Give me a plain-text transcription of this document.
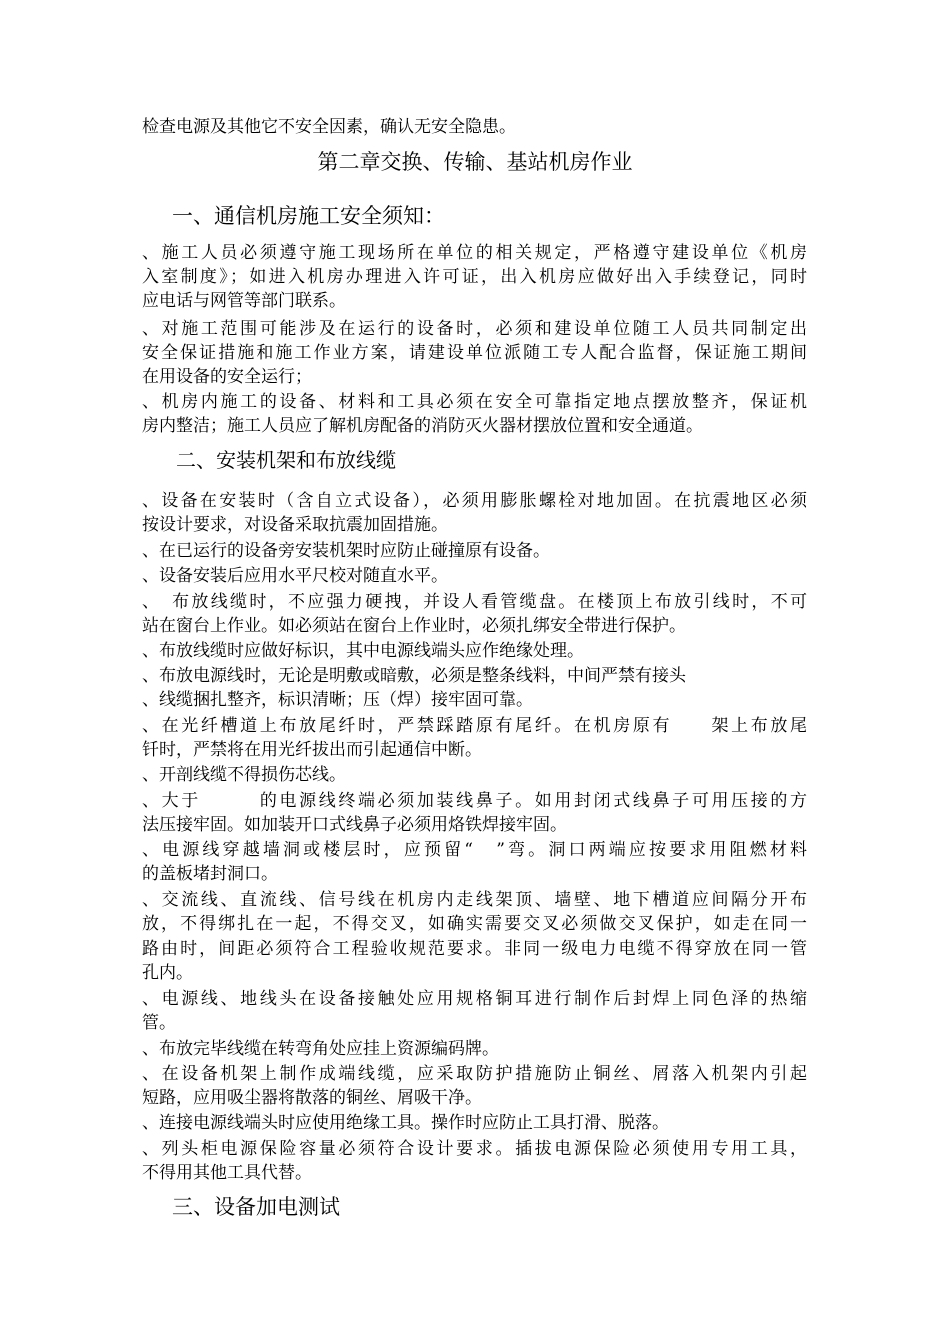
检查电源及其他它不安全因素，确认无安全隐患。
第二章交换、传输、基站机房作业
一、通信机房施工安全须知：
、施工人员必须遵守施工现场所在单位的相关规定，严格遵守建设单位《机房
入室制度》；如进入机房办理进入许可证，出入机房应做好出入手续登记，同时
应电话与网管等部门联系。
、对施工范围可能涉及在运行的设备时，必须和建设单位随工人员共同制定出
安全保证措施和施工作业方案，请建设单位派随工专人配合监督，保证施工期间
在用设备的安全运行；
、机房内施工的设备、材料和工具必须在安全可靠指定地点摆放整齐，保证机
房内整洁；施工人员应了解机房配备的消防灭火器材摆放位置和安全通道。
二、安装机架和布放线缆
、设备在安装时（含自立式设备），必须用膨胀螺栓对地加固。在抗震地区必须
按设计要求，对设备采取抗震加固措施。
、在已运行的设备旁安装机架时应防止碰撞原有设备。
、设备安装后应用水平尺校对随直水平。
、　布放线缆时，不应强力硬拽，并设人看管缆盘。在楼顶上布放引线时，不可
站在窗台上作业。如必须站在窗台上作业时，必须扎绑安全带进行保护。
、布放线缆时应做好标识，其中电源线端头应作绝缘处理。
、布放电源线时，无论是明敷或暗敷，必须是整条线料，中间严禁有接头
、线缆捆扎整齐，标识清晰；压（焊）接牢固可靠。
、在光纤槽道上布放尾纤时，严禁踩踏原有尾纤。在机房原有　　架上布放尾
钎时，严禁将在用光纤拔出而引起通信中断。
、开剖线缆不得损伤芯线。
、大于　　　的电源线终端必须加装线鼻子。如用封闭式线鼻子可用压接的方
法压接牢固。如加装开口式线鼻子必须用烙铁焊接牢固。
、电源线穿越墙洞或楼层时，应预留“　”弯。洞口两端应按要求用阻燃材料
的盖板堵封洞口。
、交流线、直流线、信号线在机房内走线架顶、墙壁、地下槽道应间隔分开布
放，不得绑扎在一起，不得交叉，如确实需要交叉必须做交叉保护，如走在同一
路由时，间距必须符合工程验收规范要求。非同一级电力电缆不得穿放在同一管
孔内。
、电源线、地线头在设备接触处应用规格铜耳进行制作后封焊上同色泽的热缩
管。
、布放完毕线缆在转弯角处应挂上资源编码牌。
、在设备机架上制作成端线缆，应采取防护措施防止铜丝、屑落入机架内引起
短路，应用吸尘器将散落的铜丝、屑吸干净。
、连接电源线端头时应使用绝缘工具。操作时应防止工具打滑、脱落。
、列头柜电源保险容量必须符合设计要求。插拔电源保险必须使用专用工具，
不得用其他工具代替。
三、设备加电测试
